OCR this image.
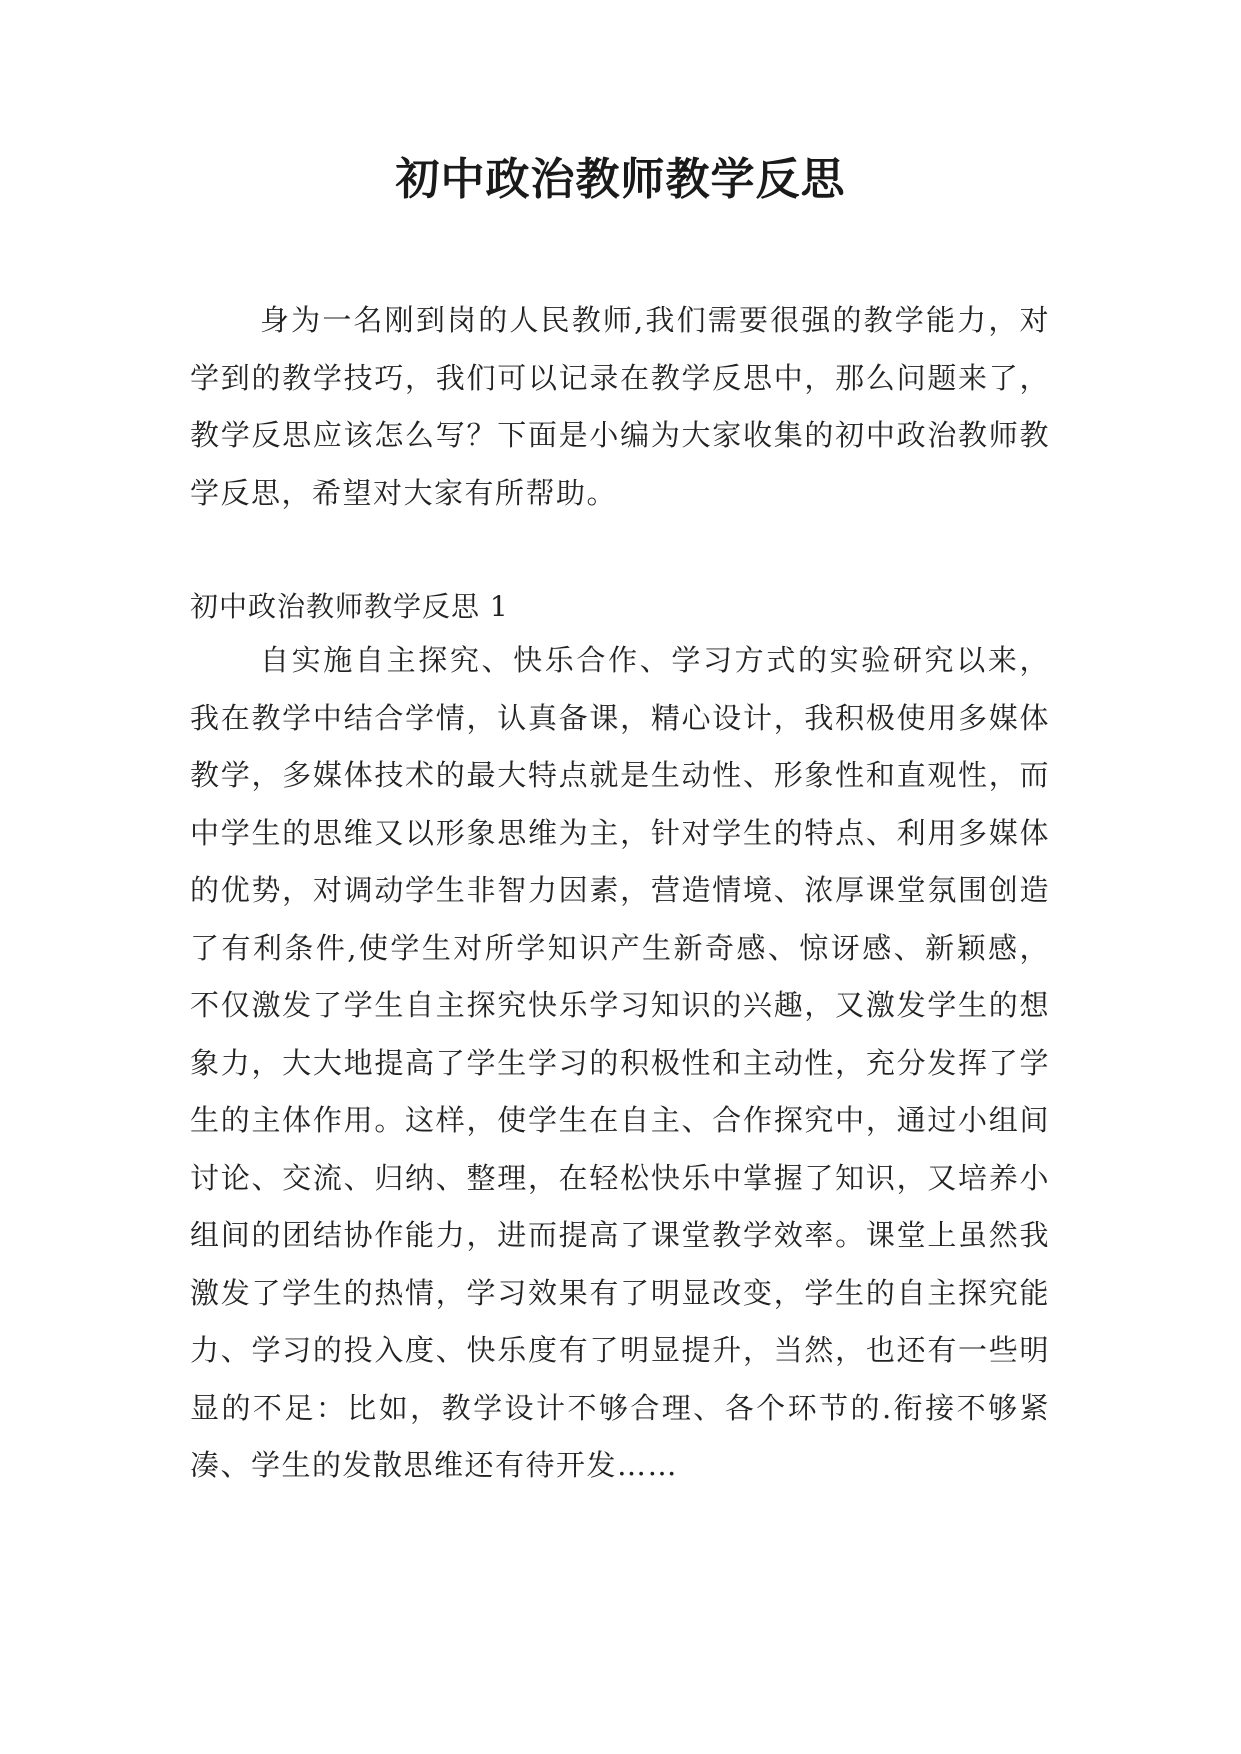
初中政治教师教学反思

身为一名刚到岗的人民教师,我们需要很强的教学能力，对学到的教学技巧，我们可以记录在教学反思中，那么问题来了，教学反思应该怎么写？下面是小编为大家收集的初中政治教师教学反思，希望对大家有所帮助。

初中政治教师教学反思 1

自实施自主探究、快乐合作、学习方式的实验研究以来，我在教学中结合学情，认真备课，精心设计，我积极使用多媒体教学，多媒体技术的最大特点就是生动性、形象性和直观性，而中学生的思维又以形象思维为主，针对学生的特点、利用多媒体的优势，对调动学生非智力因素，营造情境、浓厚课堂氛围创造了有利条件,使学生对所学知识产生新奇感、惊讶感、新颖感，不仅激发了学生自主探究快乐学习知识的兴趣，又激发学生的想象力，大大地提高了学生学习的积极性和主动性，充分发挥了学生的主体作用。这样，使学生在自主、合作探究中，通过小组间讨论、交流、归纳、整理，在轻松快乐中掌握了知识，又培养小组间的团结协作能力，进而提高了课堂教学效率。课堂上虽然我激发了学生的热情，学习效果有了明显改变，学生的自主探究能力、学习的投入度、快乐度有了明显提升，当然，也还有一些明显的不足：比如，教学设计不够合理、各个环节的.衔接不够紧凑、学生的发散思维还有待开发……
